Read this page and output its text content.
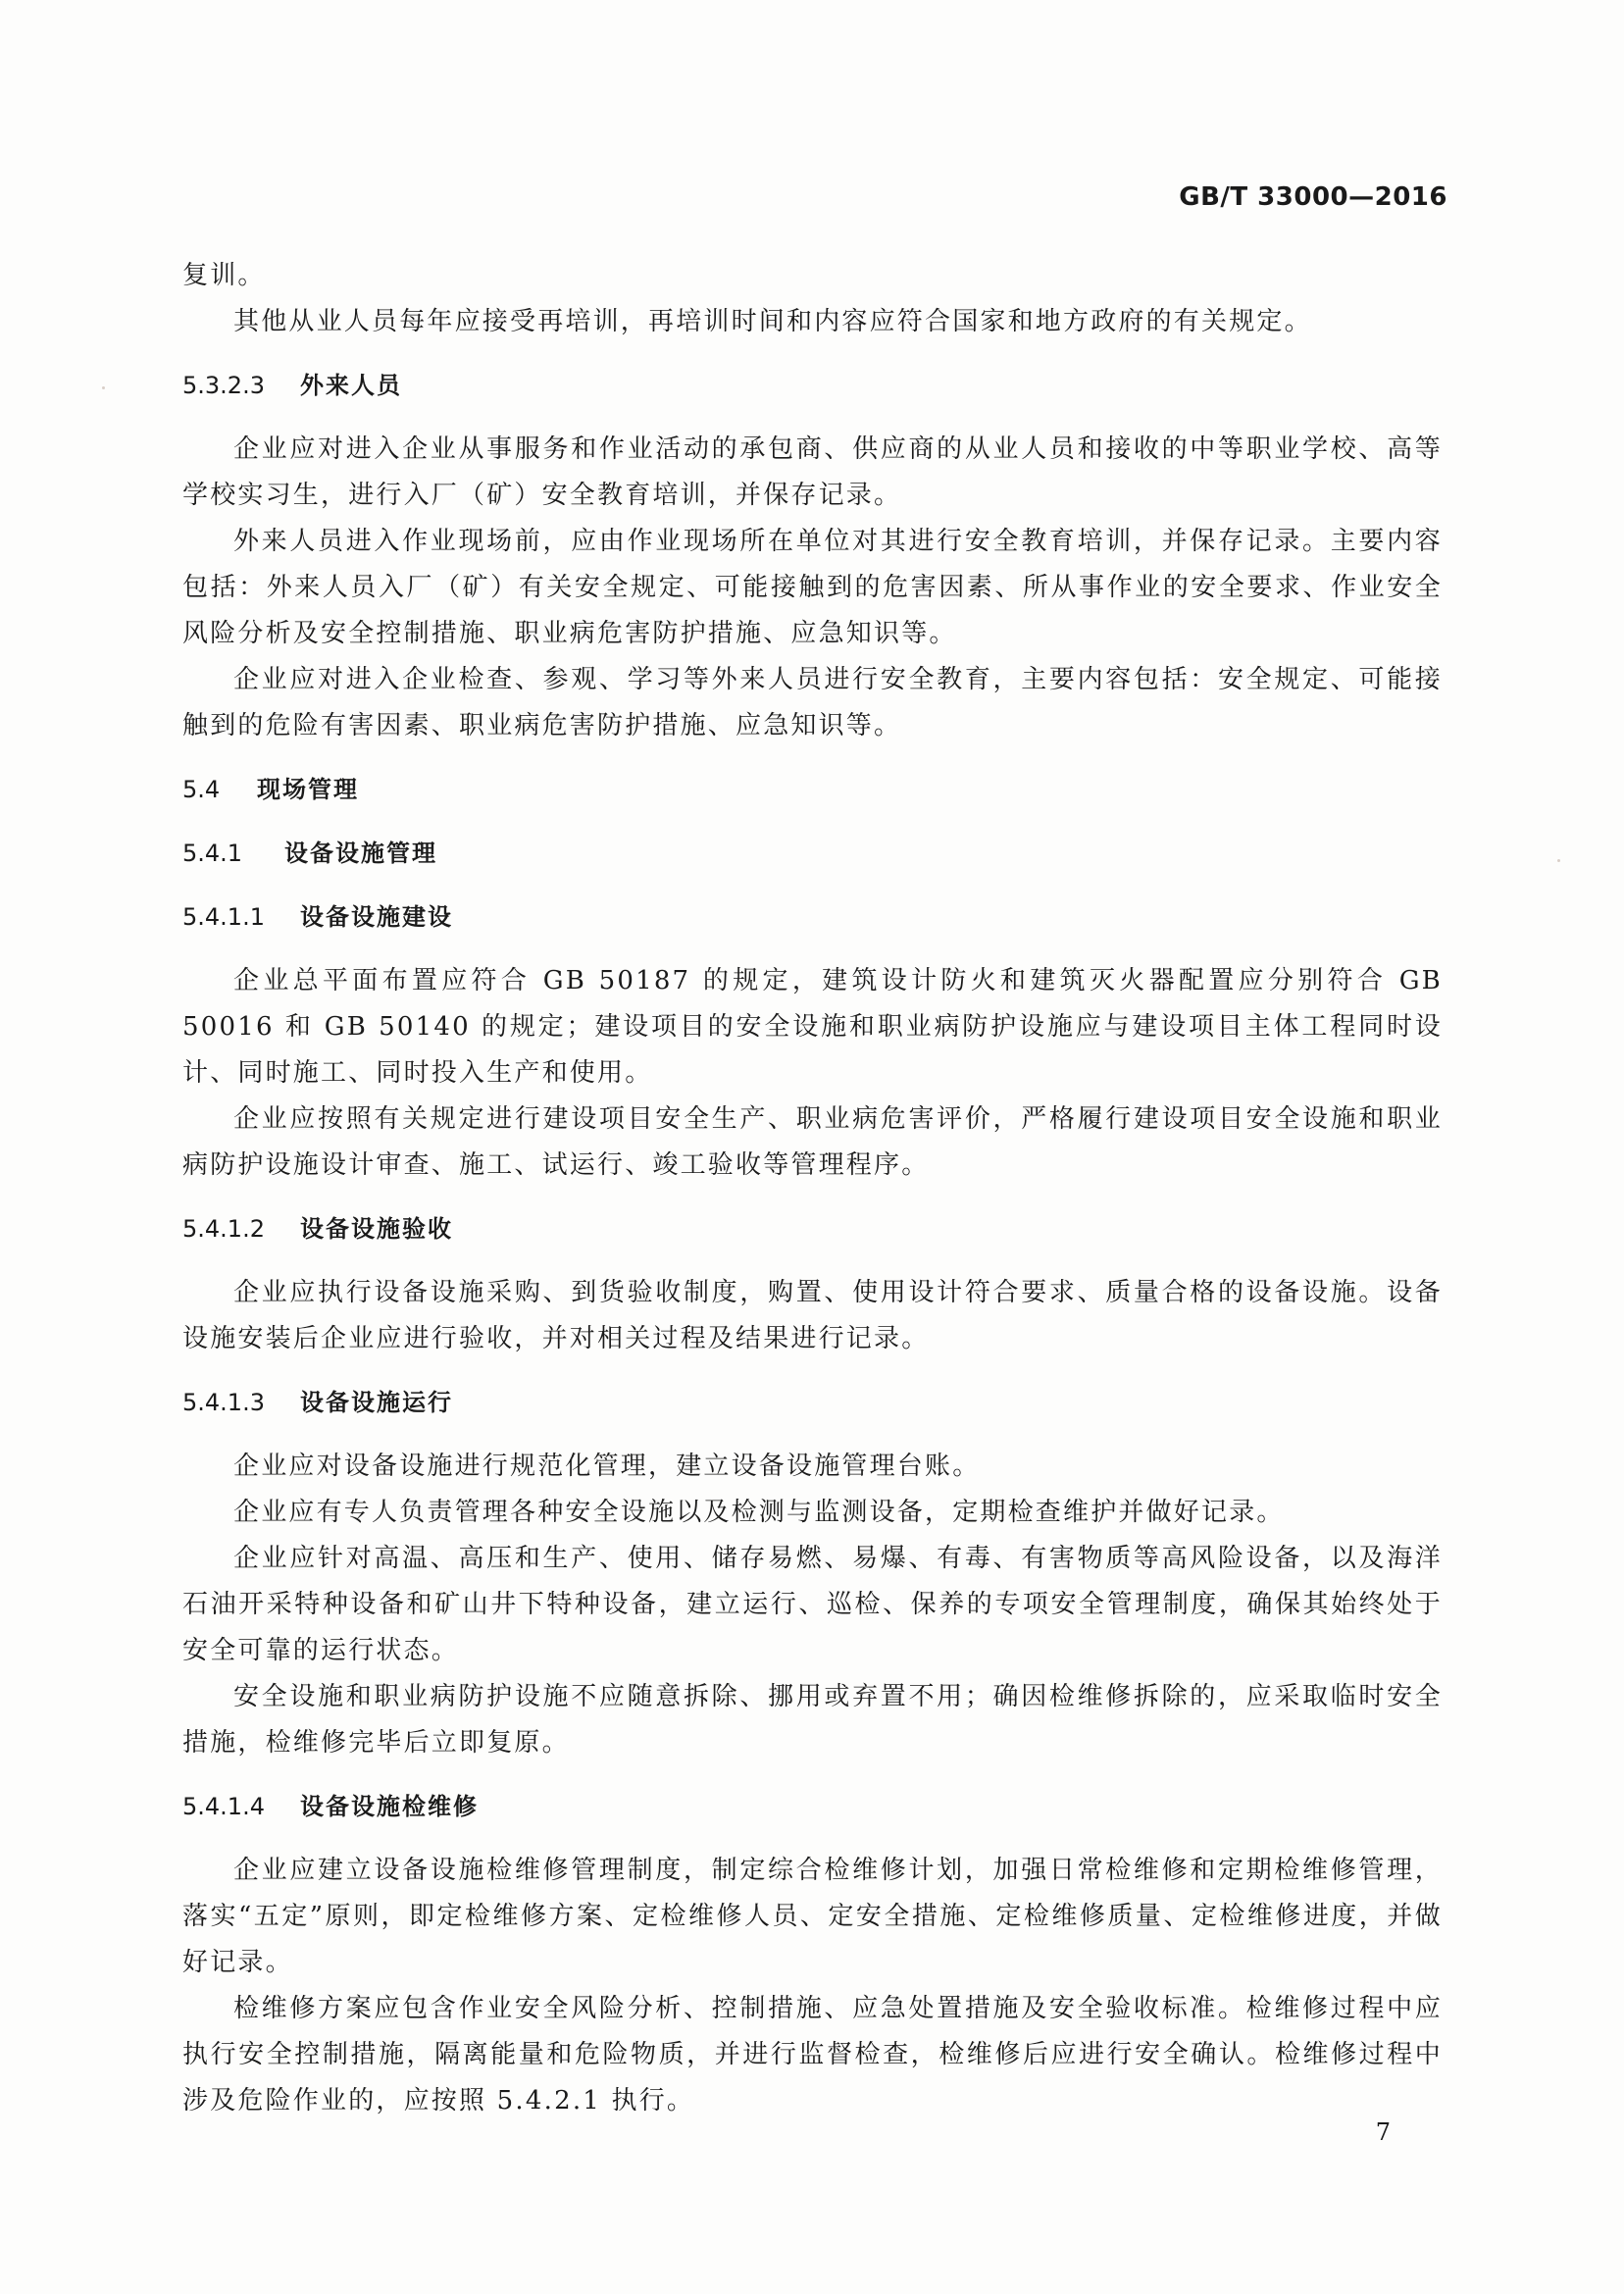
GB/T 33000—2016

复训。

其他从业人员每年应接受再培训，再培训时间和内容应符合国家和地方政府的有关规定。

5.3.2.3	外来人员

企业应对进入企业从事服务和作业活动的承包商、供应商的从业人员和接收的中等职业学校、高等学校实习生，进行入厂（矿）安全教育培训，并保存记录。

外来人员进入作业现场前，应由作业现场所在单位对其进行安全教育培训，并保存记录。主要内容包括：外来人员入厂（矿）有关安全规定、可能接触到的危害因素、所从事作业的安全要求、作业安全风险分析及安全控制措施、职业病危害防护措施、应急知识等。

企业应对进入企业检查、参观、学习等外来人员进行安全教育，主要内容包括：安全规定、可能接触到的危险有害因素、职业病危害防护措施、应急知识等。

5.4	现场管理
5.4.1	设备设施管理
5.4.1.1	设备设施建设

企业总平面布置应符合 GB 50187 的规定，建筑设计防火和建筑灭火器配置应分别符合 GB 50016 和 GB 50140 的规定；建设项目的安全设施和职业病防护设施应与建设项目主体工程同时设计、同时施工、同时投入生产和使用。

企业应按照有关规定进行建设项目安全生产、职业病危害评价，严格履行建设项目安全设施和职业病防护设施设计审查、施工、试运行、竣工验收等管理程序。

5.4.1.2	设备设施验收

企业应执行设备设施采购、到货验收制度，购置、使用设计符合要求、质量合格的设备设施。设备设施安装后企业应进行验收，并对相关过程及结果进行记录。

5.4.1.3	设备设施运行

企业应对设备设施进行规范化管理，建立设备设施管理台账。

企业应有专人负责管理各种安全设施以及检测与监测设备，定期检查维护并做好记录。

企业应针对高温、高压和生产、使用、储存易燃、易爆、有毒、有害物质等高风险设备，以及海洋石油开采特种设备和矿山井下特种设备，建立运行、巡检、保养的专项安全管理制度，确保其始终处于安全可靠的运行状态。

安全设施和职业病防护设施不应随意拆除、挪用或弃置不用；确因检维修拆除的，应采取临时安全措施，检维修完毕后立即复原。

5.4.1.4	设备设施检维修

企业应建立设备设施检维修管理制度，制定综合检维修计划，加强日常检维修和定期检维修管理，落实“五定”原则，即定检维修方案、定检维修人员、定安全措施、定检维修质量、定检维修进度，并做好记录。

检维修方案应包含作业安全风险分析、控制措施、应急处置措施及安全验收标准。检维修过程中应执行安全控制措施，隔离能量和危险物质，并进行监督检查，检维修后应进行安全确认。检维修过程中涉及危险作业的，应按照 5.4.2.1 执行。

7
